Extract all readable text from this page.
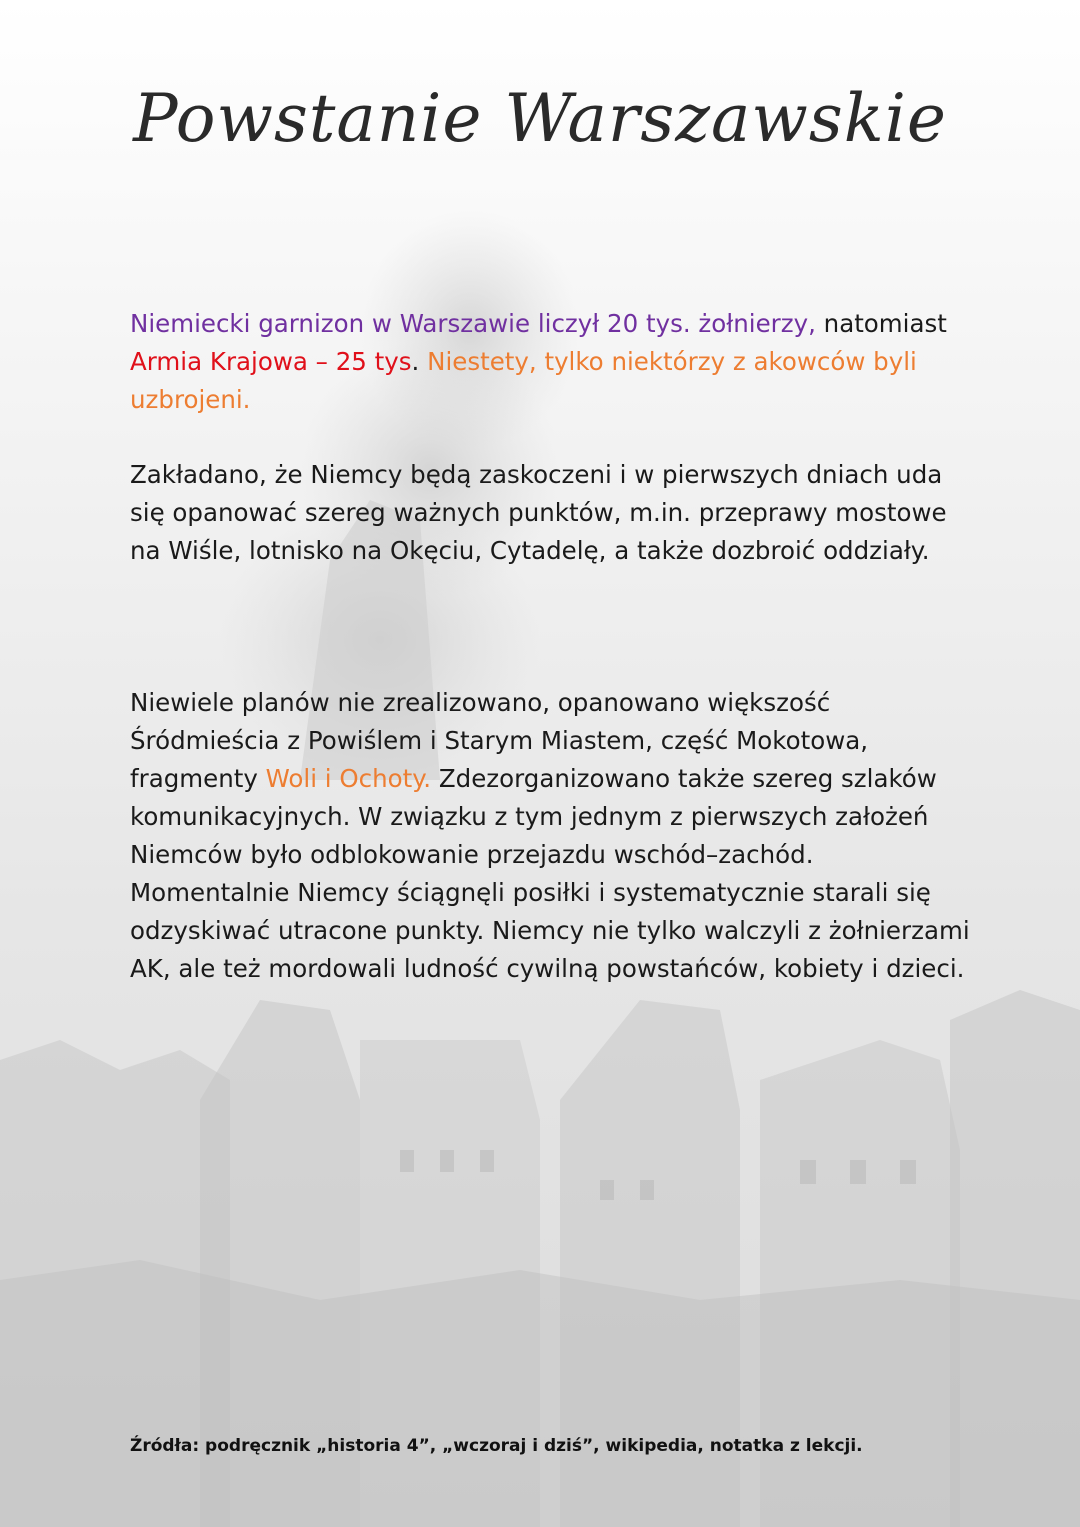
Powstanie Warszawskie
Niemiecki garnizon w Warszawie liczył 20 tys. żołnierzy, natomiast Armia Krajowa – 25 tys. Niestety, tylko niektórzy z akowców byli uzbrojeni.
Zakładano, że Niemcy będą zaskoczeni i w pierwszych dniach uda się opanować szereg ważnych punktów, m.in. przeprawy mostowe na Wiśle, lotnisko na Okęciu, Cytadelę, a także dozbroić oddziały.
Niewiele planów nie zrealizowano, opanowano większość Śródmieścia z Powiślem i Starym Miastem, część Mokotowa, fragmenty Woli i Ochoty. Zdezorganizowano także szereg szlaków komunikacyjnych. W związku z tym jednym z pierwszych założeń Niemców było odblokowanie przejazdu wschód–zachód. Momentalnie Niemcy ściągnęli posiłki i systematycznie starali się odzyskiwać utracone punkty. Niemcy nie tylko walczyli z żołnierzami AK, ale też mordowali ludność cywilną powstańców, kobiety i dzieci.
Źródła: podręcznik „historia 4”, „wczoraj i dziś”, wikipedia, notatka z lekcji.
